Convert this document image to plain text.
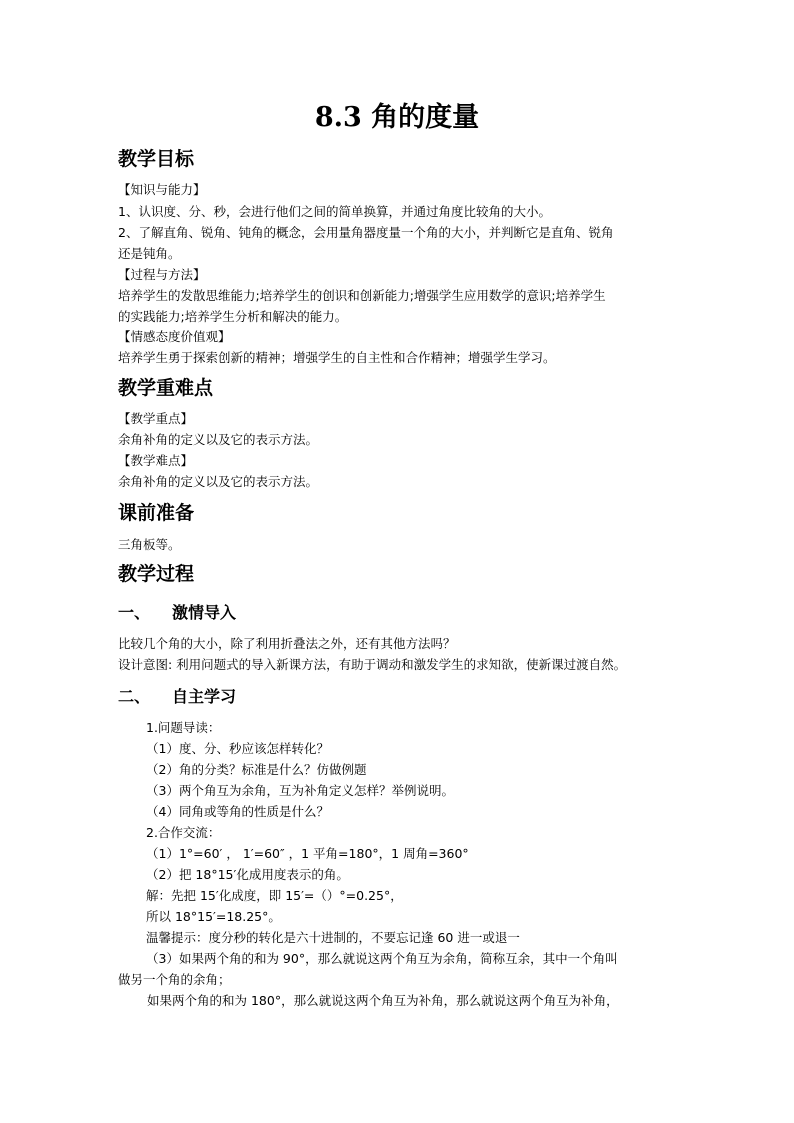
8.3 角的度量
教学目标
【知识与能力】
1、认识度、分、秒，会进行他们之间的简单换算，并通过角度比较角的大小。
2、了解直角、锐角、钝角的概念，会用量角器度量一个角的大小，并判断它是直角、锐角
还是钝角。
【过程与方法】
培养学生的发散思维能力;培养学生的创识和创新能力;增强学生应用数学的意识;培养学生
的实践能力;培养学生分析和解决的能力。
【情感态度价值观】
培养学生勇于探索创新的精神；增强学生的自主性和合作精神；增强学生学习。
教学重难点
【教学重点】
余角补角的定义以及它的表示方法。
【教学难点】
余角补角的定义以及它的表示方法。
课前准备
三角板等。
教学过程
一、 激情导入
比较几个角的大小，除了利用折叠法之外，还有其他方法吗？
设计意图: 利用问题式的导入新课方法，有助于调动和激发学生的求知欲，使新课过渡自然。
二、 自主学习
1.问题导读：
（1）度、分、秒应该怎样转化？
（2）角的分类？标准是什么？仿做例题
（3）两个角互为余角，互为补角定义怎样？举例说明。
（4）同角或等角的性质是什么？
2.合作交流：
（1）1°=60′ ， 1′=60″ ，1 平角=180°，1 周角=360°
（2）把 18°15′化成用度表示的角。
解：先把 15′化成度，即 15′=（）°=0.25°，
所以 18°15′=18.25°。
温馨提示：度分秒的转化是六十进制的，不要忘记逢 60 进一或退一
（3）如果两个角的和为 90°，那么就说这两个角互为余角，简称互余，其中一个角叫
做另一个角的余角；
如果两个角的和为 180°，那么就说这两个角互为补角，那么就说这两个角互为补角，
